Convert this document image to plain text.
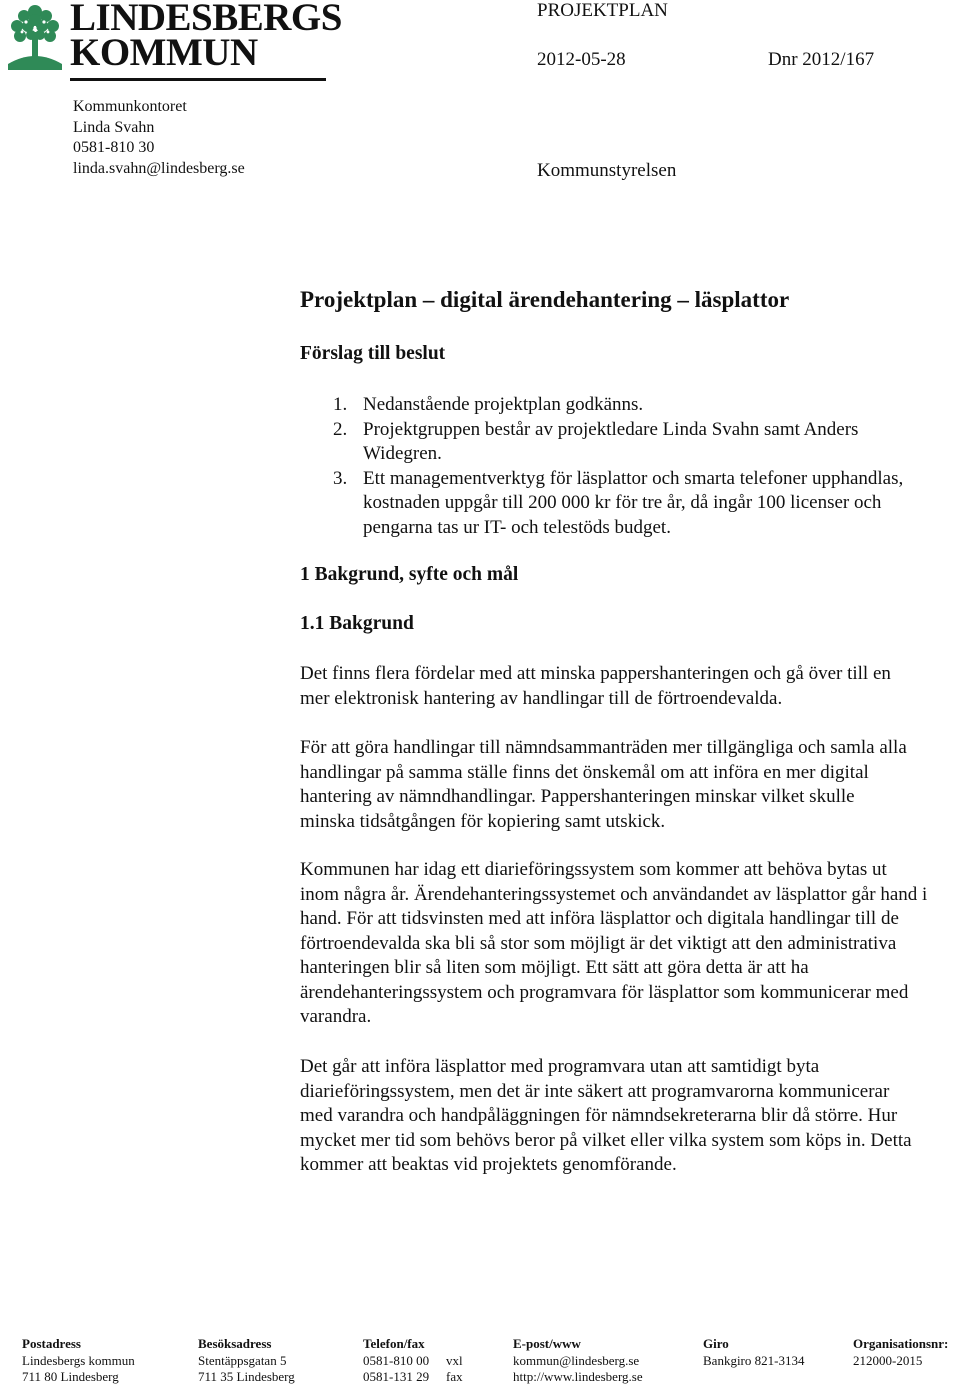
LINDESBERGS
KOMMUN
PROJEKTPLAN
2012-05-28	Dnr 2012/167
Kommunstyrelsen
Kommunkontoret
Linda Svahn
0581-810 30
linda.svahn@lindesberg.se
Projektplan – digital ärendehantering – läsplattor
Förslag till beslut
1. Nedanstående projektplan godkänns.
2. Projektgruppen består av projektledare Linda Svahn samt Anders Widegren.
3. Ett managementverktyg för läsplattor och smarta telefoner upphandlas, kostnaden uppgår till 200 000 kr för tre år, då ingår 100 licenser och pengarna tas ur IT- och telestöds budget.
1 Bakgrund, syfte och mål
1.1 Bakgrund
Det finns flera fördelar med att minska pappershanteringen och gå över till en mer elektronisk hantering av handlingar till de förtroendevalda.
För att göra handlingar till nämndsammanträden mer tillgängliga och samla alla handlingar på samma ställe finns det önskemål om att införa en mer digital hantering av nämndhandlingar. Pappershanteringen minskar vilket skulle minska tidsåtgången för kopiering samt utskick.
Kommunen har idag ett diarieföringssystem som kommer att behöva bytas ut inom några år. Ärendehanteringssystemet och användandet av läsplattor går hand i hand. För att tidsvinsten med att införa läsplattor och digitala handlingar till de förtroendevalda ska bli så stor som möjligt är det viktigt att den administrativa hanteringen blir så liten som möjligt. Ett sätt att göra detta är att ha ärendehanteringssystem och programvara för läsplattor som kommunicerar med varandra.
Det går att införa läsplattor med programvara utan att samtidigt byta diarieföringssystem, men det är inte säkert att programvarorna kommunicerar med varandra och handpåläggningen för nämndsekreterarna blir då större. Hur mycket mer tid som behövs beror på vilket eller vilka system som köps in. Detta kommer att beaktas vid projektets genomförande.
Postadress
Lindesbergs kommun
711 80 Lindesberg
Besöksadress
Stentäppsgatan 5
711 35 Lindesberg
Telefon/fax
0581-810 00 vxl
0581-131 29 fax
E-post/www
kommun@lindesberg.se
http://www.lindesberg.se
Giro
Bankgiro 821-3134
Organisationsnr:
212000-2015
